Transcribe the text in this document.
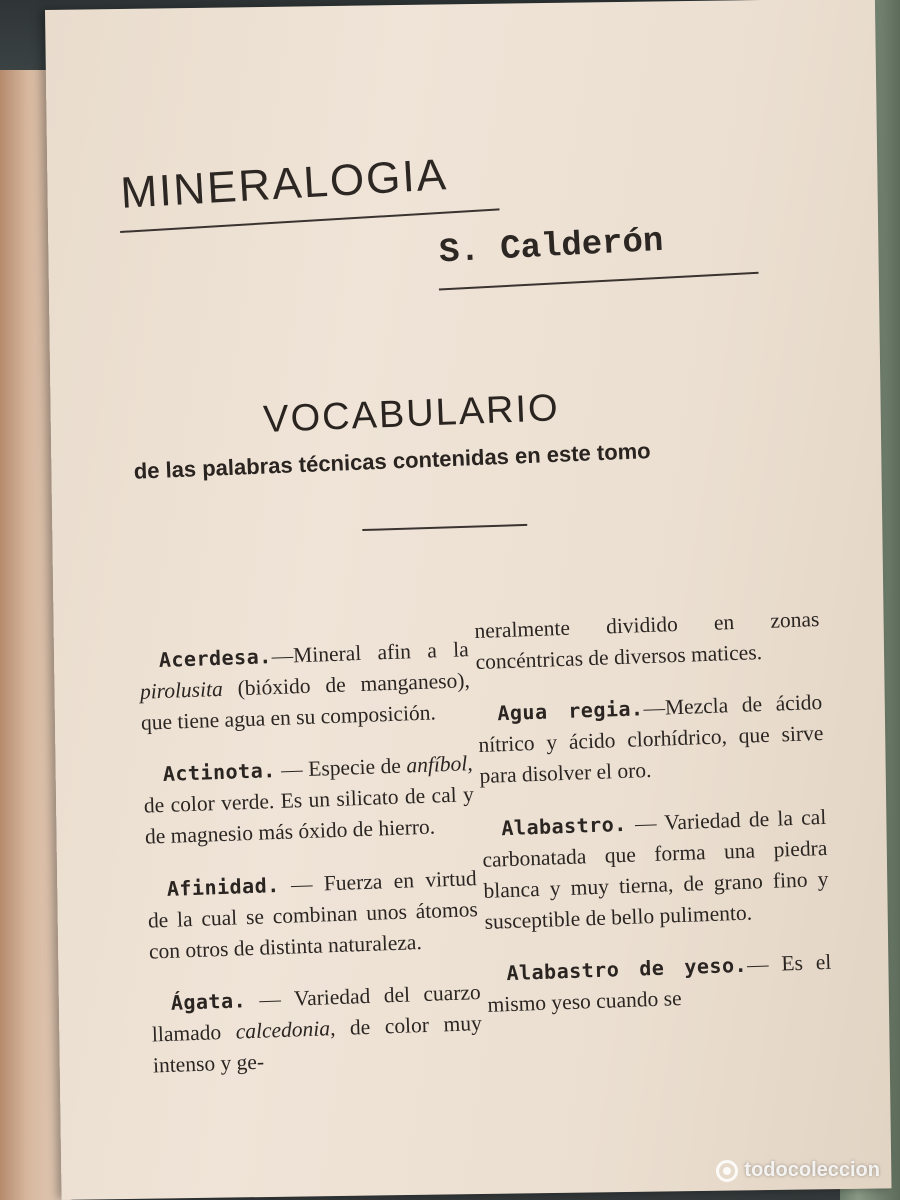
MINERALOGIA
S. Calderón
VOCABULARIO
de las palabras técnicas contenidas en este tomo

Acerdesa.—Mineral afin a la pirolusita (bióxido de manganeso), que tiene agua en su composición.

Actinota. — Especie de anfíbol, de color verde. Es un silicato de cal y de magnesio más óxido de hierro.

Afinidad. — Fuerza en virtud de la cual se combinan unos átomos con otros de distinta naturaleza.

Ágata. — Variedad del cuarzo llamado calcedonia, de color muy intenso y ge-

neralmente dividido en zonas concéntricas de diversos matices.

Agua regia.—Mezcla de ácido nítrico y ácido clorhídrico, que sirve para disolver el oro.

Alabastro. — Variedad de la cal carbonatada que forma una piedra blanca y muy tierna, de grano fino y susceptible de bello pulimento.

Alabastro de yeso.— Es el mismo yeso cuando se

todocoleccion
